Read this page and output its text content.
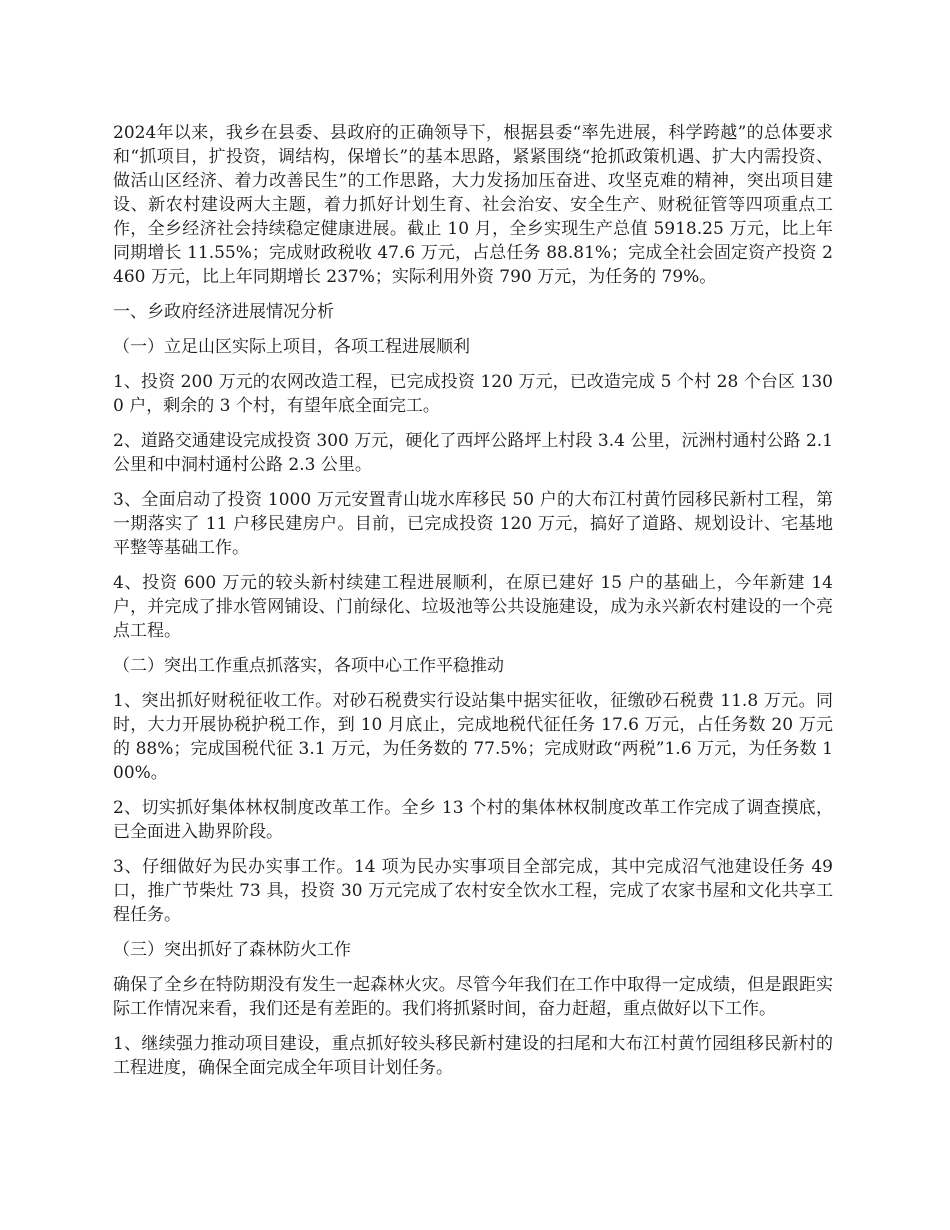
2024年以来，我乡在县委、县政府的正确领导下，根据县委“率先进展，科学跨越”的总体要求和“抓项目，扩投资，调结构，保增长”的基本思路，紧紧围绕“抢抓政策机遇、扩大内需投资、做活山区经济、着力改善民生”的工作思路，大力发扬加压奋进、攻坚克难的精神，突出项目建设、新农村建设两大主题，着力抓好计划生育、社会治安、安全生产、财税征管等四项重点工作，全乡经济社会持续稳定健康进展。截止 10 月，全乡实现生产总值 5918.25 万元，比上年同期增长 11.55%；完成财政税收 47.6 万元，占总任务 88.81%；完成全社会固定资产投资 2460 万元，比上年同期增长 237%；实际利用外资 790 万元，为任务的 79%。

一、乡政府经济进展情况分析

（一）立足山区实际上项目，各项工程进展顺利

1、投资 200 万元的农网改造工程，已完成投资 120 万元，已改造完成 5 个村 28 个台区 1300 户，剩余的 3 个村，有望年底全面完工。

2、道路交通建设完成投资 300 万元，硬化了西坪公路坪上村段 3.4 公里，沅洲村通村公路 2.1 公里和中洞村通村公路 2.3 公里。

3、全面启动了投资 1000 万元安置青山垅水库移民 50 户的大布江村黄竹园移民新村工程，第一期落实了 11 户移民建房户。目前，已完成投资 120 万元，搞好了道路、规划设计、宅基地平整等基础工作。

4、投资 600 万元的较头新村续建工程进展顺利，在原已建好 15 户的基础上，今年新建 14 户，并完成了排水管网铺设、门前绿化、垃圾池等公共设施建设，成为永兴新农村建设的一个亮点工程。

（二）突出工作重点抓落实，各项中心工作平稳推动

1、突出抓好财税征收工作。对砂石税费实行设站集中据实征收，征缴砂石税费 11.8 万元。同时，大力开展协税护税工作，到 10 月底止，完成地税代征任务 17.6 万元，占任务数 20 万元的 88%；完成国税代征 3.1 万元，为任务数的 77.5%；完成财政“两税”1.6 万元，为任务数 100%。

2、切实抓好集体林权制度改革工作。全乡 13 个村的集体林权制度改革工作完成了调查摸底，已全面进入勘界阶段。

3、仔细做好为民办实事工作。14 项为民办实事项目全部完成，其中完成沼气池建设任务 49 口，推广节柴灶 73 具，投资 30 万元完成了农村安全饮水工程，完成了农家书屋和文化共享工程任务。

（三）突出抓好了森林防火工作

确保了全乡在特防期没有发生一起森林火灾。尽管今年我们在工作中取得一定成绩，但是跟距实际工作情况来看，我们还是有差距的。我们将抓紧时间，奋力赶超，重点做好以下工作。

1、继续强力推动项目建设，重点抓好较头移民新村建设的扫尾和大布江村黄竹园组移民新村的工程进度，确保全面完成全年项目计划任务。
